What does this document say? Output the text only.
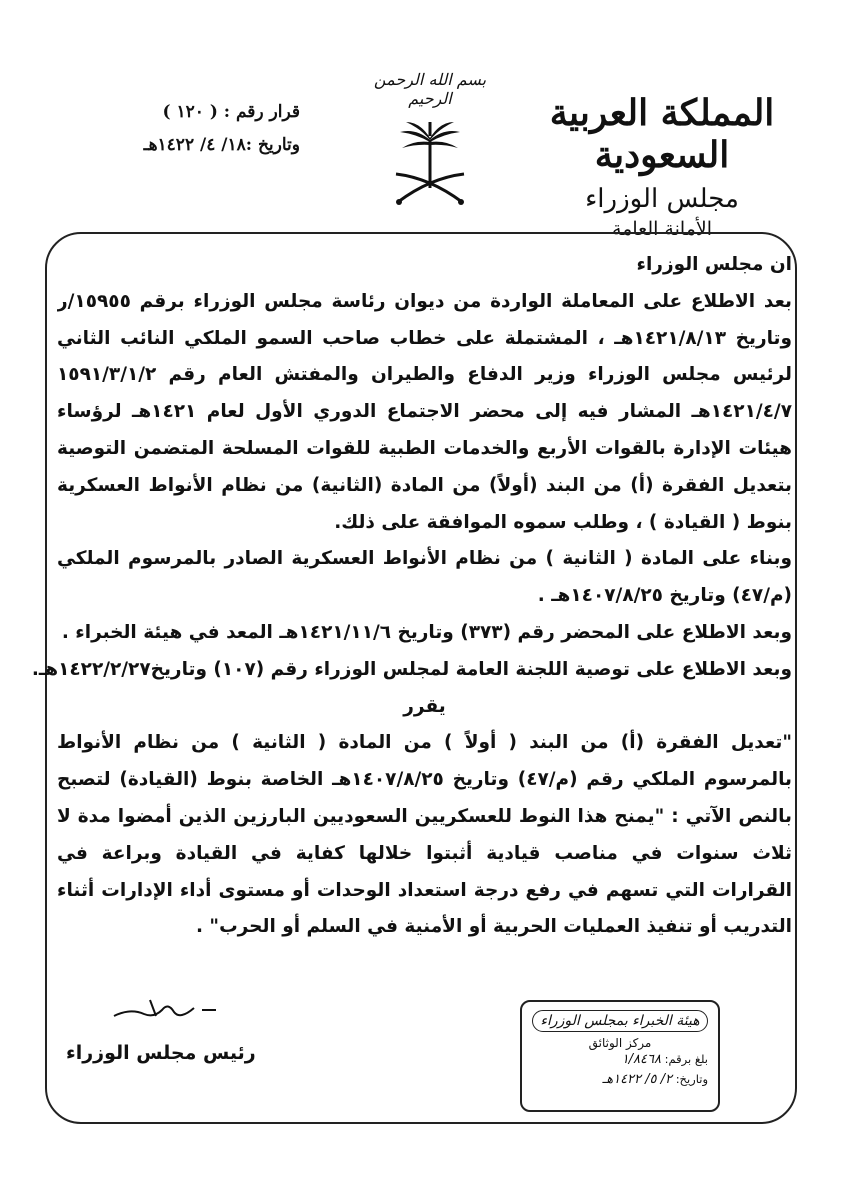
المملكة العربية السعودية
مجلس الوزراء
الأمانة العامة
بسم الله الرحمن الرحيم
قرار رقم : ( ١٢٠ )
وتاريخ :١٨/ ٤/ ١٤٢٢هـ
ان مجلس الوزراء
بعد الاطلاع على المعاملة الواردة من ديوان رئاسة مجلس الوزراء برقم ١٥٩٥٥/ر
وتاريخ ١٤٢١/٨/١٣هـ ، المشتملة على خطاب صاحب السمو الملكي النائب الثاني
لرئيس مجلس الوزراء وزير الدفاع والطيران والمفتش العام رقم ١٥٩١/٣/١/٢
١٤٢١/٤/٧هـ المشار فيه إلى محضر الاجتماع الدوري الأول لعام ١٤٢١هـ لرؤساء
هيئات الإدارة بالقوات الأربع والخدمات الطبية للقوات المسلحة المتضمن التوصية
بتعديل الفقرة (أ) من البند (أولاً) من المادة (الثانية) من نظام الأنواط العسكرية
بنوط ( القيادة ) ، وطلب سموه الموافقة على ذلك.
وبناء على المادة ( الثانية ) من نظام الأنواط العسكرية الصادر بالمرسوم الملكي
(م/٤٧) وتاريخ ١٤٠٧/٨/٢٥هـ .
وبعد الاطلاع على المحضر رقم (٣٧٣) وتاريخ ١٤٢١/١١/٦هـ المعد في هيئة الخبراء .
وبعد الاطلاع على توصية اللجنة العامة لمجلس الوزراء رقم (١٠٧) وتاريخ١٤٢٢/٢/٢٧هـ.
يقرر
"تعديل الفقرة (أ) من البند ( أولاً ) من المادة ( الثانية ) من نظام الأنواط
بالمرسوم الملكي رقم (م/٤٧) وتاريخ ١٤٠٧/٨/٢٥هـ الخاصة بنوط (القيادة) لتصبح
بالنص الآتي : "يمنح هذا النوط للعسكريين السعوديين البارزين الذين أمضوا مدة لا
ثلاث سنوات في مناصب قيادية أثبتوا خلالها كفاية في القيادة وبراعة في
القرارات التي تسهم في رفع درجة استعداد الوحدات أو مستوى أداء الإدارات أثناء
التدريب أو تنفيذ العمليات الحربية أو الأمنية في السلم أو الحرب" .
رئيس مجلس الوزراء
هيئة الخبراء بمجلس الوزراء
مركز الوثائق
بلغ برقم: ١/٨٤٦٨
وتاريخ: ٢/ ٥/ ١٤٢٢هـ
